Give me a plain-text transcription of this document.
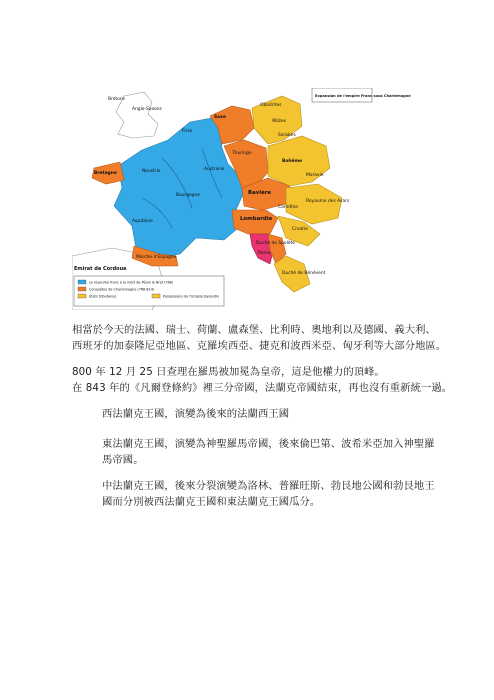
Anglo-Saxons
Bretons
Saxe
Frise
Obodrites
Wilzes
Sorabes
Thuringe
Bohême
Moravie
Bretagne	Neustrie	Austrasie
Bourgogne
Aquitaine
Bavière
Royaume des Avars
Carinthie
Lombardie
Croatie
Duché de Spolète
Rome
Duché de Bénévent
Marche d'Espagne
Emirat de Cordoue
Expansion de l'empire Franc sous Charlemagne
Le royaume franc à la mort de Pépin le Bref (768)
Conquêtes de Charlemagne (768-814)
États tributaires	Possessions de l'Empire Byzantin
相當於今天的法國、瑞士、荷蘭、盧森堡、比利時、奧地利以及德國、義大利、
西班牙的加泰隆尼亞地區、克羅埃西亞、捷克和波西米亞、匈牙利等大部分地區。
800 年 12 月 25 日查理在羅馬被加冕為皇帝，這是他權力的頂峰。
在 843 年的《凡爾登條約》裡三分帝國，法蘭克帝國結束，再也沒有重新統一過。
西法蘭克王國，演變為後來的法蘭西王國
東法蘭克王國，演變為神聖羅馬帝國，後來倫巴第、波希米亞加入神聖羅
馬帝國。
中法蘭克王國，後來分裂演變為洛林、普羅旺斯、勃艮地公國和勃艮地王
國而分別被西法蘭克王國和東法蘭克王國瓜分。
